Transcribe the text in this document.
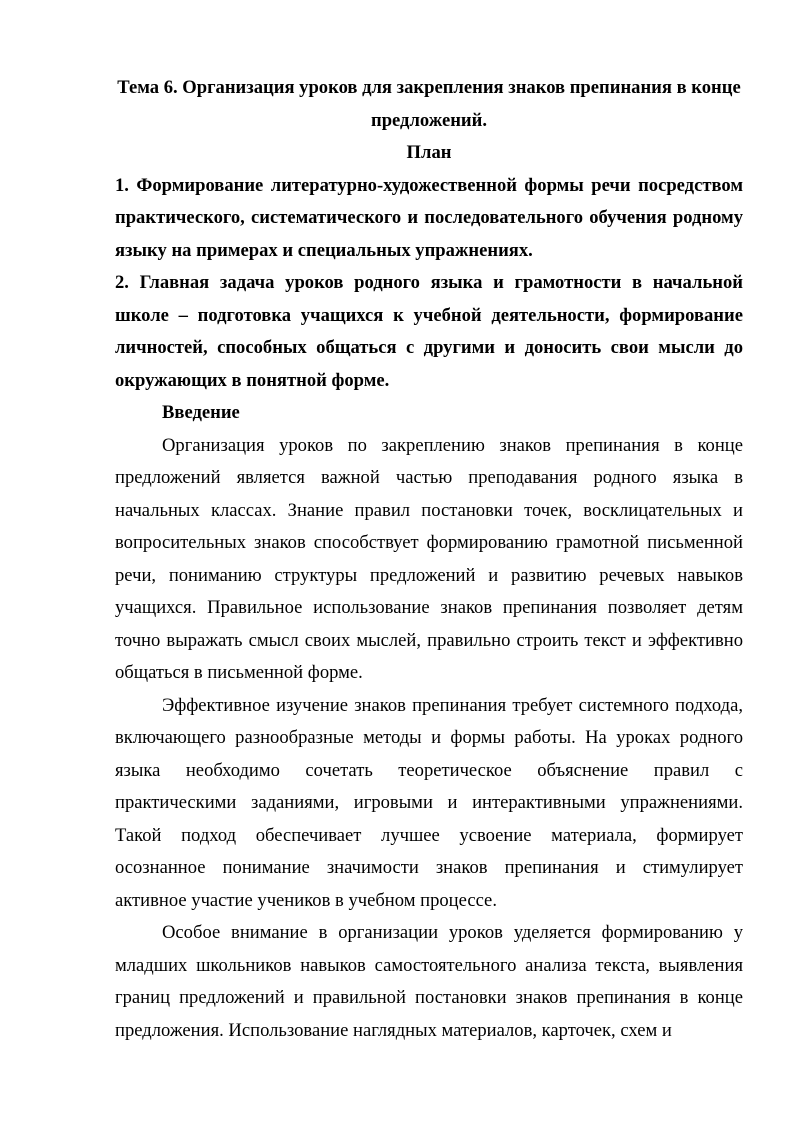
Тема 6. Организация уроков для закрепления знаков препинания в конце предложений.

План

1. Формирование литературно-художественной формы речи посредством практического, систематического и последовательного обучения родному языку на примерах и специальных упражнениях.

2. Главная задача уроков родного языка и грамотности в начальной школе – подготовка учащихся к учебной деятельности, формирование личностей, способных общаться с другими и доносить свои мысли до окружающих в понятной форме.

Введение

Организация уроков по закреплению знаков препинания в конце предложений является важной частью преподавания родного языка в начальных классах. Знание правил постановки точек, восклицательных и вопросительных знаков способствует формированию грамотной письменной речи, пониманию структуры предложений и развитию речевых навыков учащихся. Правильное использование знаков препинания позволяет детям точно выражать смысл своих мыслей, правильно строить текст и эффективно общаться в письменной форме.

Эффективное изучение знаков препинания требует системного подхода, включающего разнообразные методы и формы работы. На уроках родного языка необходимо сочетать теоретическое объяснение правил с практическими заданиями, игровыми и интерактивными упражнениями. Такой подход обеспечивает лучшее усвоение материала, формирует осознанное понимание значимости знаков препинания и стимулирует активное участие учеников в учебном процессе.

Особое внимание в организации уроков уделяется формированию у младших школьников навыков самостоятельного анализа текста, выявления границ предложений и правильной постановки знаков препинания в конце предложения. Использование наглядных материалов, карточек, схем и
